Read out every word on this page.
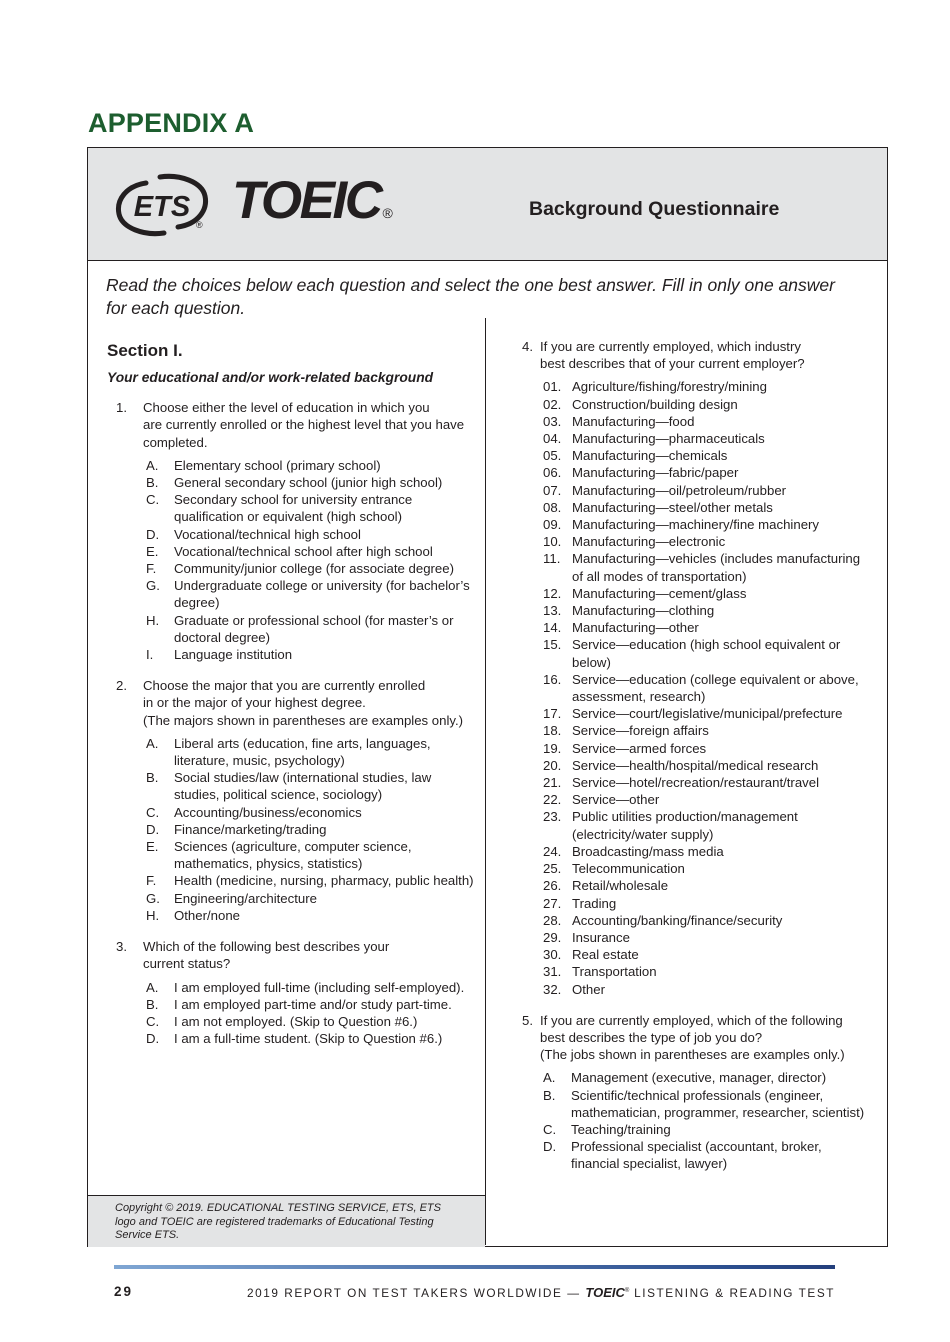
APPENDIX A
ETS
® TOEIC ®	Background Questionnaire
Read the choices below each question and select the one best answer. Fill in only one answer for each question.
Copyright © 2019. EDUCATIONAL TESTING SERVICE, ETS, ETS logo and TOEIC are registered trademarks of Educational Testing Service ETS.
Section I.
Your educational and/or work-related background
1.	Choose either the level of education in which you
are currently enrolled or the highest level that you have
completed.
A. Elementary school (primary school)
B. General secondary school (junior high school)
C. Secondary school for university entrance qualification or equivalent (high school)
D. Vocational/technical high school
E. Vocational/technical school after high school
F. Community/junior college (for associate degree)
G. Undergraduate college or university (for bachelor’s degree)
H. Graduate or professional school (for master’s or doctoral degree)
I. Language institution
2.	Choose the major that you are currently enrolled
in or the major of your highest degree.
(The majors shown in parentheses are examples only.)
A. Liberal arts (education, fine arts, languages, literature, music, psychology)
B. Social studies/law (international studies, law studies, political science, sociology)
C. Accounting/business/economics
D. Finance/marketing/trading
E. Sciences (agriculture, computer science, mathematics, physics, statistics)
F. Health (medicine, nursing, pharmacy, public health)
G. Engineering/architecture
H. Other/none
3.	Which of the following best describes your
current status?
A. I am employed full-time (including self-employed).
B. I am employed part-time and/or study part-time.
C. I am not employed. (Skip to Question #6.)
D. I am a full-time student. (Skip to Question #6.)
4. If you are currently employed, which industry
best describes that of your current employer?
01. Agriculture/fishing/forestry/mining
02. Construction/building design
03. Manufacturing—food
04. Manufacturing—pharmaceuticals
05. Manufacturing—chemicals
06. Manufacturing—fabric/paper
07. Manufacturing—oil/petroleum/rubber
08. Manufacturing—steel/other metals
09. Manufacturing—machinery/fine machinery
10. Manufacturing—electronic
11. Manufacturing—vehicles (includes manufacturing of all modes of transportation)
12. Manufacturing—cement/glass
13. Manufacturing—clothing
14. Manufacturing—other
15. Service—education (high school equivalent or below)
16. Service—education (college equivalent or above, assessment, research)
17. Service—court/legislative/municipal/prefecture
18. Service—foreign affairs
19. Service—armed forces
20. Service—health/hospital/medical research
21. Service—hotel/recreation/restaurant/travel
22. Service—other
23. Public utilities production/management (electricity/water supply)
24. Broadcasting/mass media
25. Telecommunication
26. Retail/wholesale
27. Trading
28. Accounting/banking/finance/security
29. Insurance
30. Real estate
31. Transportation
32. Other
5. If you are currently employed, which of the following
best describes the type of job you do?
(The jobs shown in parentheses are examples only.)
A. Management (executive, manager, director)
B. Scientific/technical professionals (engineer, mathematician, programmer, researcher, scientist)
C. Teaching/training
D. Professional specialist (accountant, broker, financial specialist, lawyer)
29	2019 REPORT ON TEST TAKERS WORLDWIDE — TOEIC® LISTENING & READING TEST
